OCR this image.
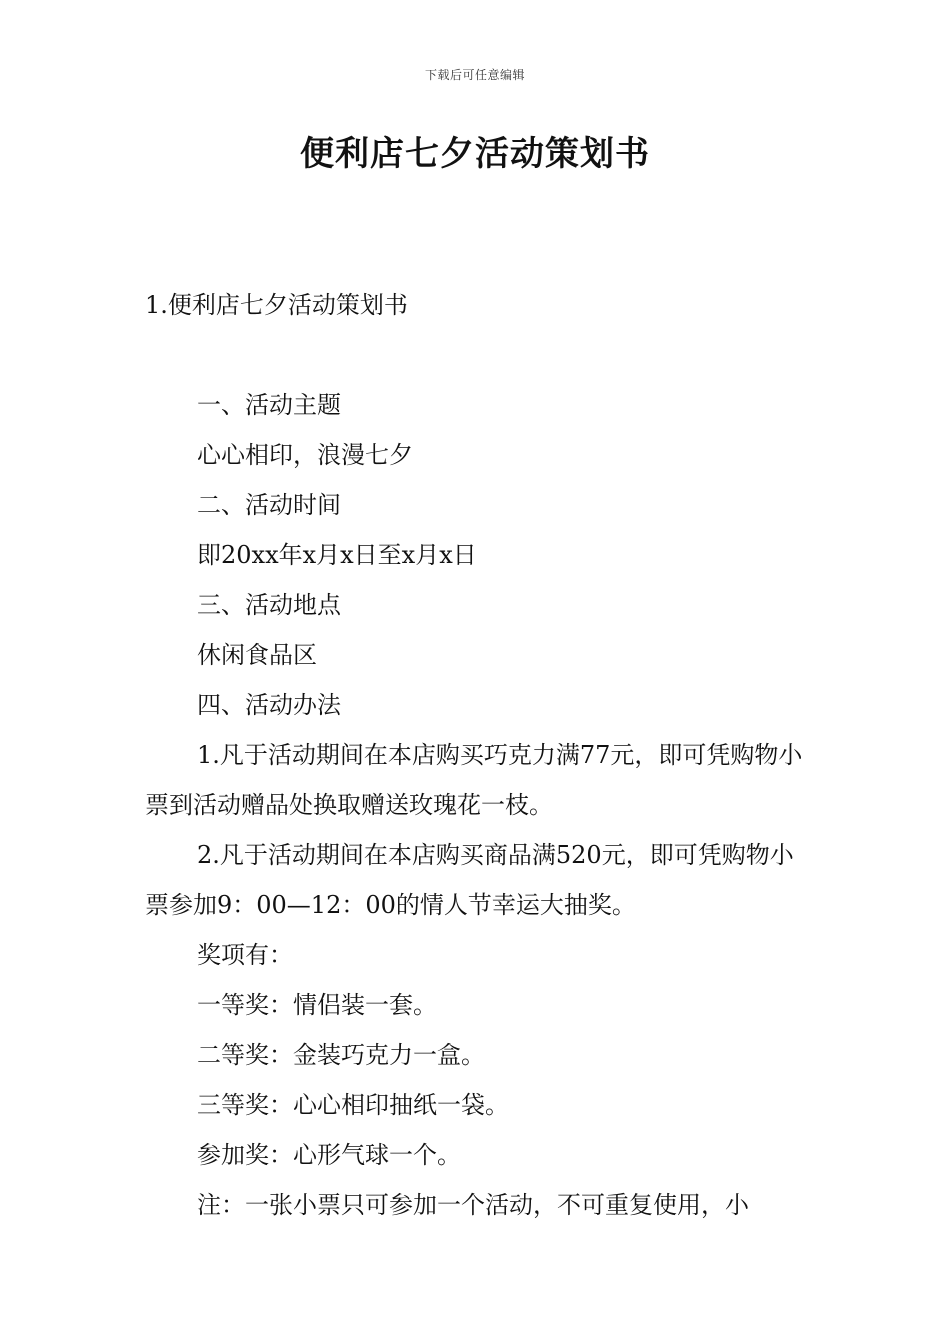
下载后可任意编辑
便利店七夕活动策划书
1.便利店七夕活动策划书

一、活动主题

心心相印，浪漫七夕

二、活动时间

即20xx年x月x日至x月x日

三、活动地点

休闲食品区

四、活动办法

1.凡于活动期间在本店购买巧克力满77元，即可凭购物小票到活动赠品处换取赠送玫瑰花一枝。

2.凡于活动期间在本店购买商品满520元，即可凭购物小票参加9：00—12：00的情人节幸运大抽奖。

奖项有：

一等奖：情侣装一套。

二等奖：金装巧克力一盒。

三等奖：心心相印抽纸一袋。

参加奖：心形气球一个。

注：一张小票只可参加一个活动，不可重复使用，小
